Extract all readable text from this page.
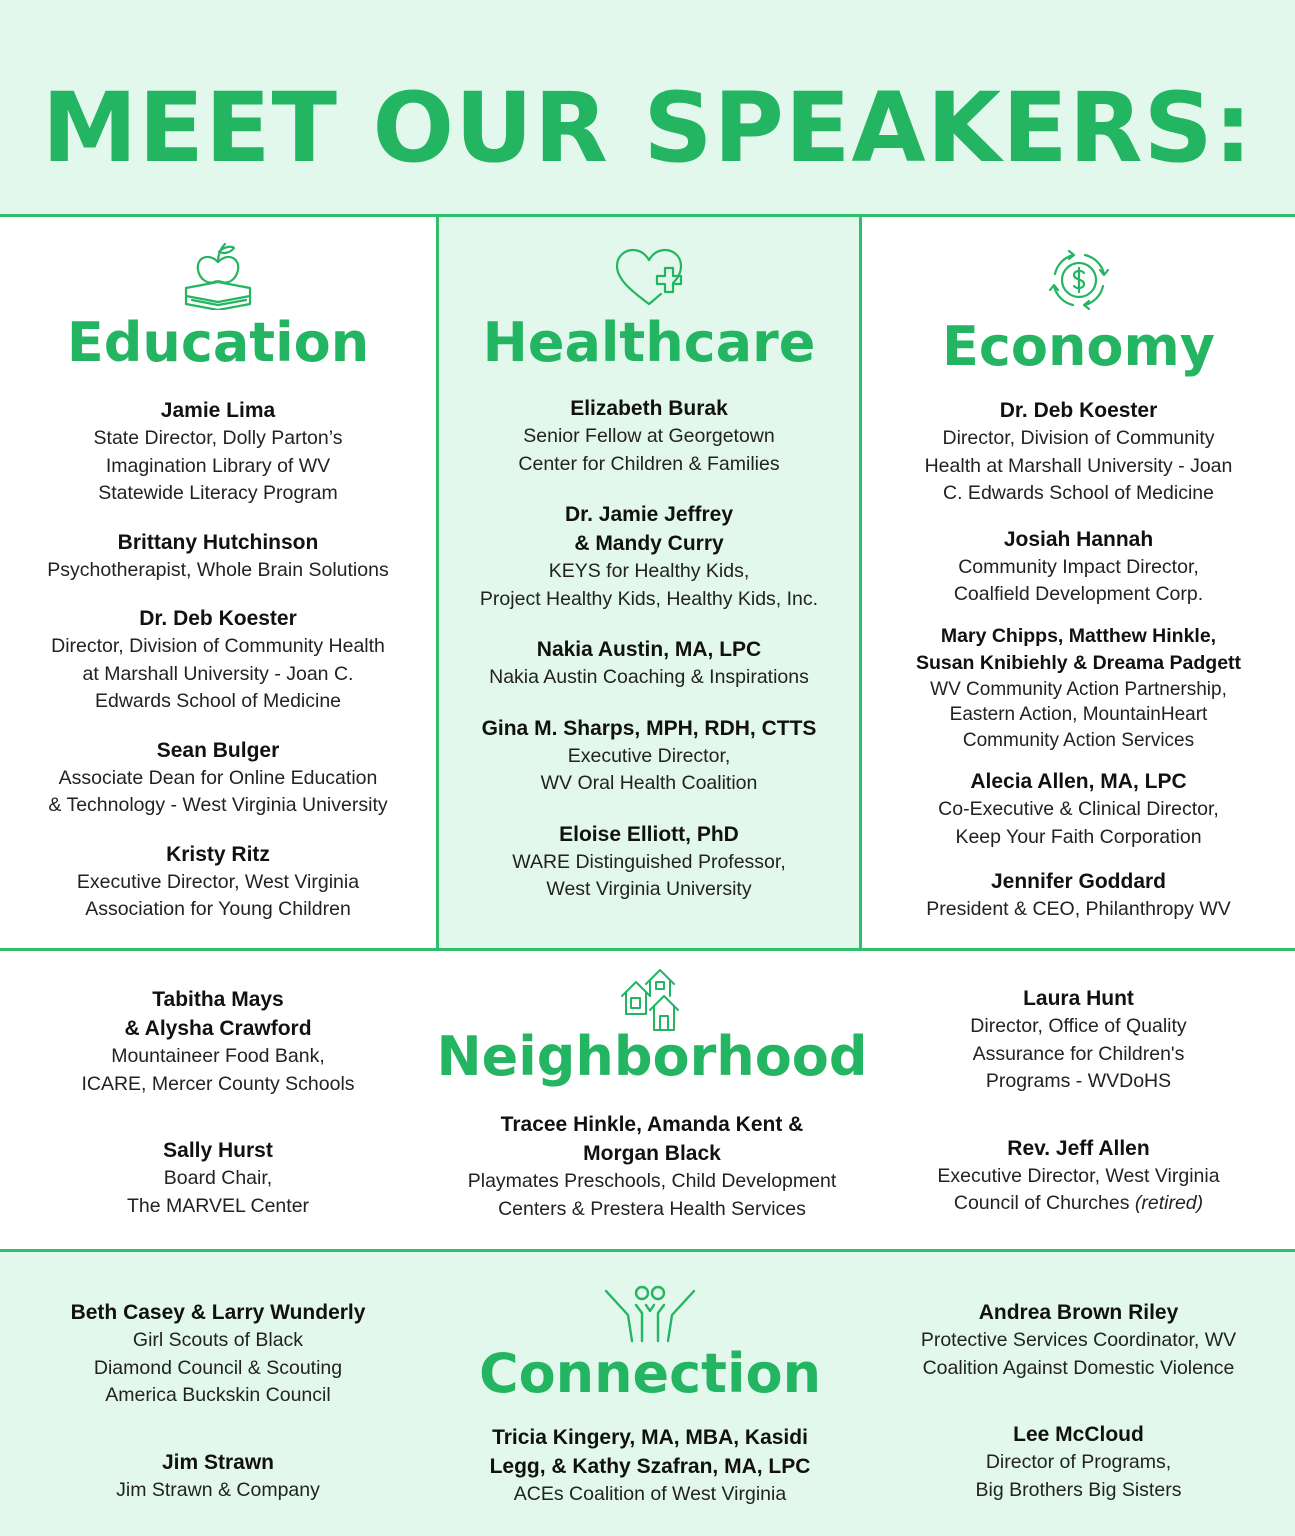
MEET OUR SPEAKERS:
Education
Jamie Lima
State Director, Dolly Parton’s
Imagination Library of WV
Statewide Literacy Program
Brittany Hutchinson
Psychotherapist, Whole Brain Solutions
Dr. Deb Koester
Director, Division of Community Health
at Marshall University - Joan C.
Edwards School of Medicine
Sean Bulger
Associate Dean for Online Education
& Technology - West Virginia University
Kristy Ritz
Executive Director, West Virginia
Association for Young Children
Healthcare
Elizabeth Burak
Senior Fellow at Georgetown
Center for Children & Families
Dr. Jamie Jeffrey
& Mandy Curry
KEYS for Healthy Kids,
Project Healthy Kids, Healthy Kids, Inc.
Nakia Austin, MA, LPC
Nakia Austin Coaching & Inspirations
Gina M. Sharps, MPH, RDH, CTTS
Executive Director,
WV Oral Health Coalition
Eloise Elliott, PhD
WARE Distinguished Professor,
West Virginia University
Economy
Dr. Deb Koester
Director, Division of Community
Health at Marshall University - Joan
C. Edwards School of Medicine
Josiah Hannah
Community Impact Director,
Coalfield Development Corp.
Mary Chipps, Matthew Hinkle,
Susan Knibiehly & Dreama Padgett
WV Community Action Partnership,
Eastern Action, MountainHeart
Community Action Services
Alecia Allen, MA, LPC
Co-Executive & Clinical Director,
Keep Your Faith Corporation
Jennifer Goddard
President & CEO, Philanthropy WV
Tabitha Mays
& Alysha Crawford
Mountaineer Food Bank,
ICARE, Mercer County Schools
Sally Hurst
Board Chair,
The MARVEL Center
Neighborhood
Tracee Hinkle, Amanda Kent &
Morgan Black
Playmates Preschools, Child Development
Centers & Prestera Health Services
Laura Hunt
Director, Office of Quality
Assurance for Children's
Programs - WVDoHS
Rev. Jeff Allen
Executive Director, West Virginia
Council of Churches (retired)
Beth Casey & Larry Wunderly
Girl Scouts of Black
Diamond Council & Scouting
America Buckskin Council
Jim Strawn
Jim Strawn & Company
Connection
Tricia Kingery, MA, MBA, Kasidi
Legg, & Kathy Szafran, MA, LPC
ACEs Coalition of West Virginia
Andrea Brown Riley
Protective Services Coordinator, WV
Coalition Against Domestic Violence
Lee McCloud
Director of Programs,
Big Brothers Big Sisters
